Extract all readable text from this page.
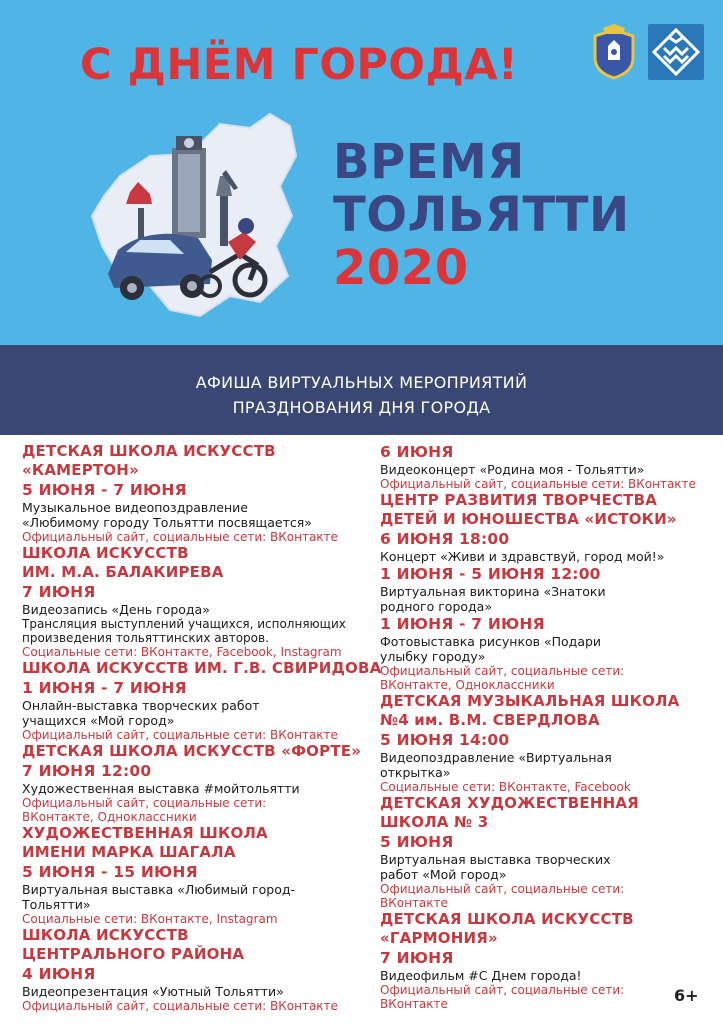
С ДНЁМ ГОРОДА!
ВРЕМЯ
ТОЛЬЯТТИ
2020
АФИША ВИРТУАЛЬНЫХ МЕРОПРИЯТИЙ
ПРАЗДНОВАНИЯ ДНЯ ГОРОДА
ДЕТСКАЯ ШКОЛА ИСКУССТВ
«КАМЕРТОН»
5 ИЮНЯ - 7 ИЮНЯ
Музыкальное видеопоздравление
«Любимому городу Тольятти посвящается»
Официальный сайт, социальные сети: ВКонтакте
ШКОЛА ИСКУССТВ
ИМ. М.А. БАЛАКИРЕВА
7 ИЮНЯ
Видеозапись «День города»
Трансляция выступлений учащихся, исполняющих
произведения тольяттинских авторов.
Социальные сети: ВКонтакте, Facebook, Instagram
ШКОЛА ИСКУССТВ ИМ. Г.В. СВИРИДОВА
1 ИЮНЯ - 7 ИЮНЯ
Онлайн-выставка творческих работ
учащихся «Мой город»
Официальный сайт, социальные сети: ВКонтакте
ДЕТСКАЯ ШКОЛА ИСКУССТВ «ФОРТЕ»
7 ИЮНЯ 12:00
Художественная выставка #мойтольятти
Официальный сайт, социальные сети:
ВКонтакте, Одноклассники
ХУДОЖЕСТВЕННАЯ ШКОЛА
ИМЕНИ МАРКА ШАГАЛА
5 ИЮНЯ - 15 ИЮНЯ
Виртуальная выставка «Любимый город-
Тольятти»
Социальные сети: ВКонтакте, Instagram
ШКОЛА ИСКУССТВ
ЦЕНТРАЛЬНОГО РАЙОНА
4 ИЮНЯ
Видеопрезентация «Уютный Тольятти»
Официальный сайт, социальные сети: ВКонтакте
6 ИЮНЯ
Видеоконцерт «Родина моя - Тольятти»
Официальный сайт, социальные сети: ВКонтакте
ЦЕНТР РАЗВИТИЯ ТВОРЧЕСТВА
ДЕТЕЙ И ЮНОШЕСТВА «ИСТОКИ»
6 ИЮНЯ 18:00
Концерт «Живи и здравствуй, город мой!»
1 ИЮНЯ - 5 ИЮНЯ 12:00
Виртуальная викторина «Знатоки
родного города»
1 ИЮНЯ - 7 ИЮНЯ
Фотовыставка рисунков «Подари
улыбку городу»
Официальный сайт, социальные сети:
ВКонтакте, Одноклассники
ДЕТСКАЯ МУЗЫКАЛЬНАЯ ШКОЛА
№4 им. В.М. СВЕРДЛОВА
5 ИЮНЯ 14:00
Видеопоздравление «Виртуальная
открытка»
Социальные сети: ВКонтакте, Facebook
ДЕТСКАЯ ХУДОЖЕСТВЕННАЯ
ШКОЛА № 3
5 ИЮНЯ
Виртуальная выставка творческих
работ «Мой город»
Официальный сайт, социальные сети:
ВКонтакте
ДЕТСКАЯ ШКОЛА ИСКУССТВ
«ГАРМОНИЯ»
7 ИЮНЯ
Видеофильм #С Днем города!
Официальный сайт, социальные сети:
ВКонтакте	6+
